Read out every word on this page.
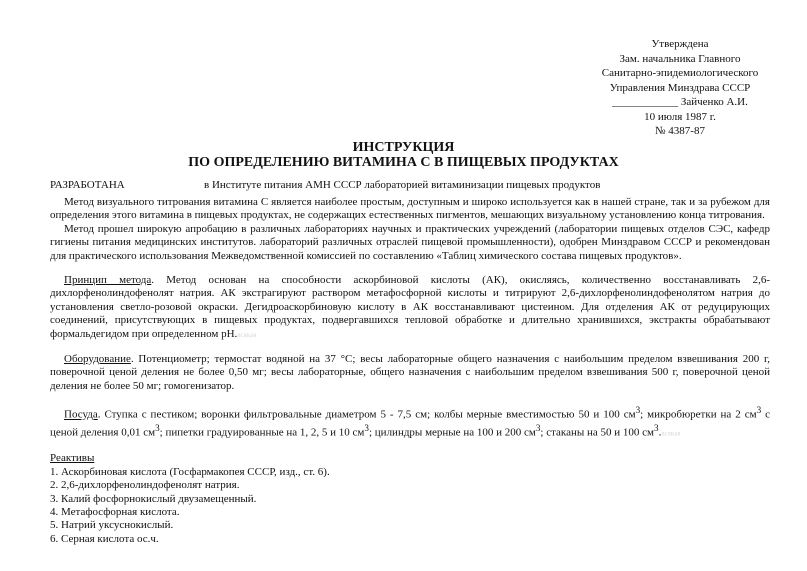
Утверждена
Зам. начальника Главного
Санитарно-эпидемиологического
Управления Минздрава СССР
____________ Зайченко А.И.
10 июля 1987 г.
№ 4387-87
ИНСТРУКЦИЯ
ПО ОПРЕДЕЛЕНИЮ ВИТАМИНА С В ПИЩЕВЫХ ПРОДУКТАХ
РАЗРАБОТАНА	в Институте питания АМН СССР лабораторией витаминизации пищевых продуктов

Метод визуального титрования витамина С является наиболее простым, доступным и широко используется как в нашей стране, так и за рубежом для определения этого витамина в пищевых продуктах, не содержащих естественных пигментов, мешающих визуальному установлению конца титрования.

Метод прошел широкую апробацию в различных лабораториях научных и практических учреждений (лаборатории пищевых отделов СЭС, кафедр гигиены питания медицинских институтов. лабораторий различных отраслей пищевой промышленности), одобрен Минздравом СССР и рекомендован для практического использования Межведомственной комиссией по составлению «Таблиц химического состава пищевых продуктов».

Принцип метода. Метод основан на способности аскорбиновой кислоты (АК), окисляясь, количественно восстанавливать 2,6-дихлорфенолиндофенолят натрия. АК экстрагируют раствором метафосфорной кислоты и титрируют 2,6-дихлорфенолиндофенолятом натрия до установления светло-розовой окраски. Дегидроаскорбиновую кислоту в АК восстанавливают цистеином. Для отделения АК от редуцирующих соединений, присутствующих в пищевых продуктах, подвергавшихся тепловой обработке и длительно хранившихся, экстракты обрабатывают формальдегидом при определенном pH.всякая

Оборудование. Потенциометр; термостат водяной на 37 °С; весы лабораторные общего назначения с наибольшим пределом взвешивания 200 г, поверочной ценой деления не более 0,50 мг; весы лабораторные, общего назначения с наибольшим пределом взвешивания 500 г, поверочной ценой деления не более 50 мг; гомогенизатор.

Посуда. Ступка с пестиком; воронки фильтровальные диаметром 5 - 7,5 см; колбы мерные вместимостью 50 и 100 $см^3$; микробюретки на 2 $см^3$ с ценой деления 0,01 $см^3$; пипетки градуированные на 1, 2, 5 и 10 $см^3$; цилиндры мерные на 100 и 200 $см^3$; стаканы на 50 и 100 $см^3.всякая$

Реактивы
1. Аскорбиновая кислота (Госфармакопея СССР, изд., ст. 6).
2. 2,6-дихлорфенолиндофенолят натрия.
3. Калий фосфорнокислый двузамещенный.
4. Метафосфорная кислота.
5. Натрий уксуснокислый.
6. Серная кислота ос.ч.
